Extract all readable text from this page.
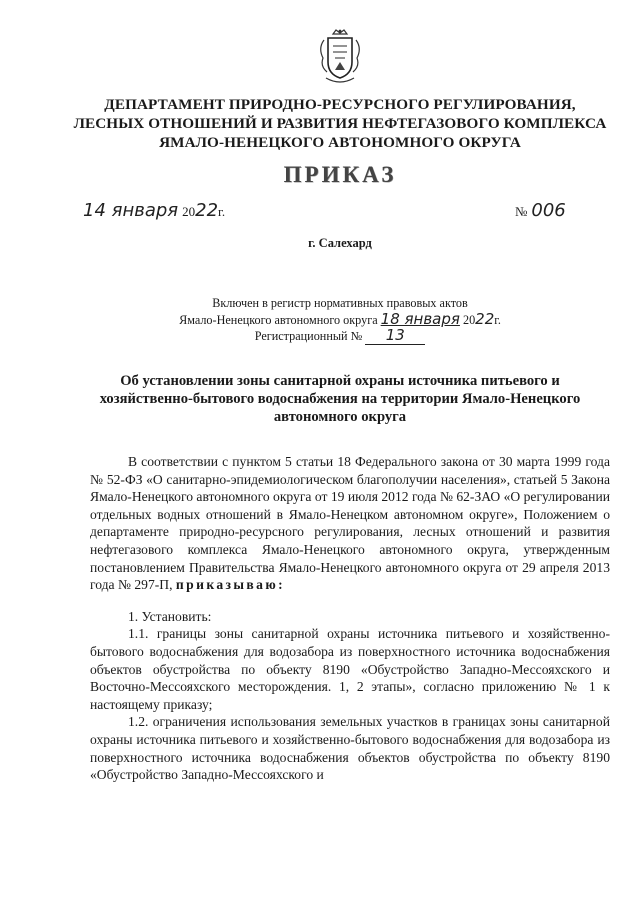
ДЕПАРТАМЕНТ ПРИРОДНО-РЕСУРСНОГО РЕГУЛИРОВАНИЯ,
ЛЕСНЫХ ОТНОШЕНИЙ И РАЗВИТИЯ НЕФТЕГАЗОВОГО КОМПЛЕКСА
ЯМАЛО-НЕНЕЦКОГО АВТОНОМНОГО ОКРУГА
ПРИКАЗ
14 января 2022г.	№ 006
г. Салехард
Включен в регистр нормативных правовых актов
Ямало-Ненецкого автономного округа 18 января 2022г.
Регистрационный № 13
Об установлении зоны санитарной охраны источника питьевого и
хозяйственно-бытового водоснабжения на территории Ямало-Ненецкого
автономного округа

В соответствии с пунктом 5 статьи 18 Федерального закона от 30 марта 1999 года № 52-ФЗ «О санитарно-эпидемиологическом благополучии населения», статьей 5 Закона Ямало-Ненецкого автономного округа от 19 июля 2012 года № 62-ЗАО «О регулировании отдельных водных отношений в Ямало-Ненецком автономном округе», Положением о департаменте природно-ресурсного регулирования, лесных отношений и развития нефтегазового комплекса Ямало-Ненецкого автономного округа, утвержденным постановлением Правительства Ямало-Ненецкого автономного округа от 29 апреля 2013 года № 297-П, приказываю:

1. Установить:

1.1. границы зоны санитарной охраны источника питьевого и хозяйственно-бытового водоснабжения для водозабора из поверхностного источника водоснабжения объектов обустройства по объекту 8190 «Обустройство Западно-Мессояхского и Восточно-Мессояхского месторождения. 1, 2 этапы», согласно приложению № 1 к настоящему приказу;

1.2. ограничения использования земельных участков в границах зоны санитарной охраны источника питьевого и хозяйственно-бытового водоснабжения для водозабора из поверхностного источника водоснабжения объектов обустройства по объекту 8190 «Обустройство Западно-Мессояхского и
